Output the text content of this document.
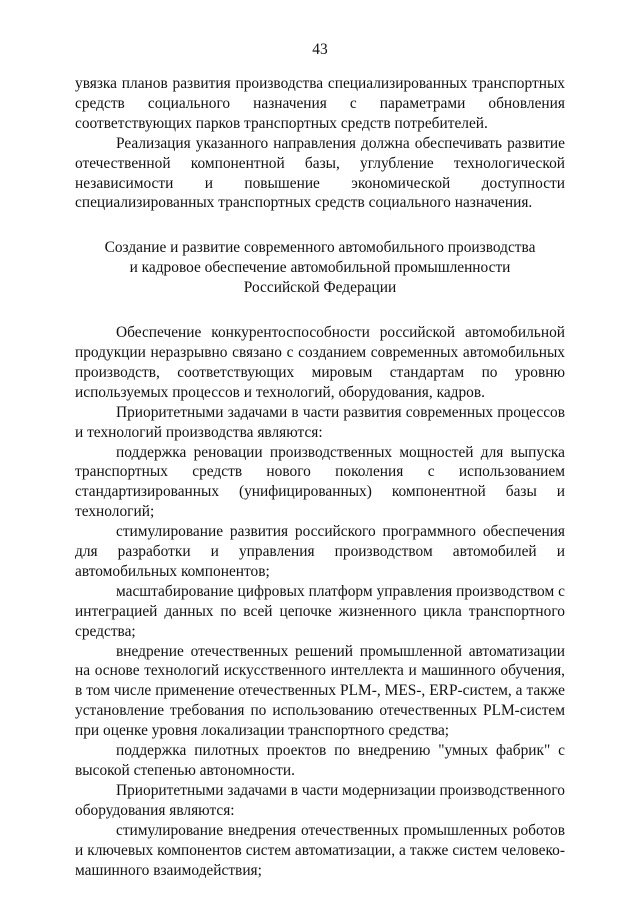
43

увязка планов развития производства специализированных транспортных средств социального назначения с параметрами обновления соответствующих парков транспортных средств потребителей.

Реализация указанного направления должна обеспечивать развитие отечественной компонентной базы, углубление технологической независимости и повышение экономической доступности специализированных транспортных средств социального назначения.

Создание и развитие современного автомобильного производства
и кадровое обеспечение автомобильной промышленности
Российской Федерации

Обеспечение конкурентоспособности российской автомобильной продукции неразрывно связано с созданием современных автомобильных производств, соответствующих мировым стандартам по уровню используемых процессов и технологий, оборудования, кадров.

Приоритетными задачами в части развития современных процессов и технологий производства являются:

поддержка реновации производственных мощностей для выпуска транспортных средств нового поколения с использованием стандартизированных (унифицированных) компонентной базы и технологий;

стимулирование развития российского программного обеспечения для разработки и управления производством автомобилей и автомобильных компонентов;

масштабирование цифровых платформ управления производством с интеграцией данных по всей цепочке жизненного цикла транспортного средства;

внедрение отечественных решений промышленной автоматизации на основе технологий искусственного интеллекта и машинного обучения, в том числе применение отечественных PLM-, MES-, ERP-систем, а также установление требования по использованию отечественных PLM-систем при оценке уровня локализации транспортного средства;

поддержка пилотных проектов по внедрению "умных фабрик" с высокой степенью автономности.

Приоритетными задачами в части модернизации производственного оборудования являются:

стимулирование внедрения отечественных промышленных роботов и ключевых компонентов систем автоматизации, а также систем человеко-машинного взаимодействия;
